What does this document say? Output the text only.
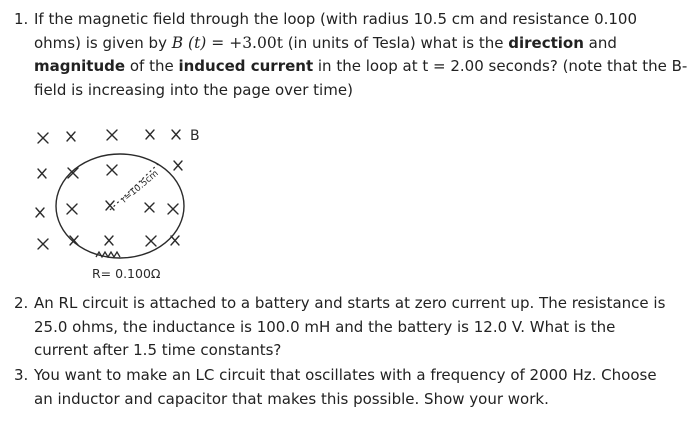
1. If the magnetic field through the loop (with radius 10.5 cm and resistance 0.100
ohms) is given by B (t) = +3.00t (in units of Tesla) what is the direction and
magnitude of the induced current in the loop at t = 2.00 seconds? (note that the B-
field is increasing into the page over time)
r=10.5cm
B
R= 0.100Ω
2. An RL circuit is attached to a battery and starts at zero current up. The resistance is
25.0 ohms, the inductance is 100.0 mH and the battery is 12.0 V. What is the
current after 1.5 time constants?
3. You want to make an LC circuit that oscillates with a frequency of 2000 Hz. Choose
an inductor and capacitor that makes this possible. Show your work.
